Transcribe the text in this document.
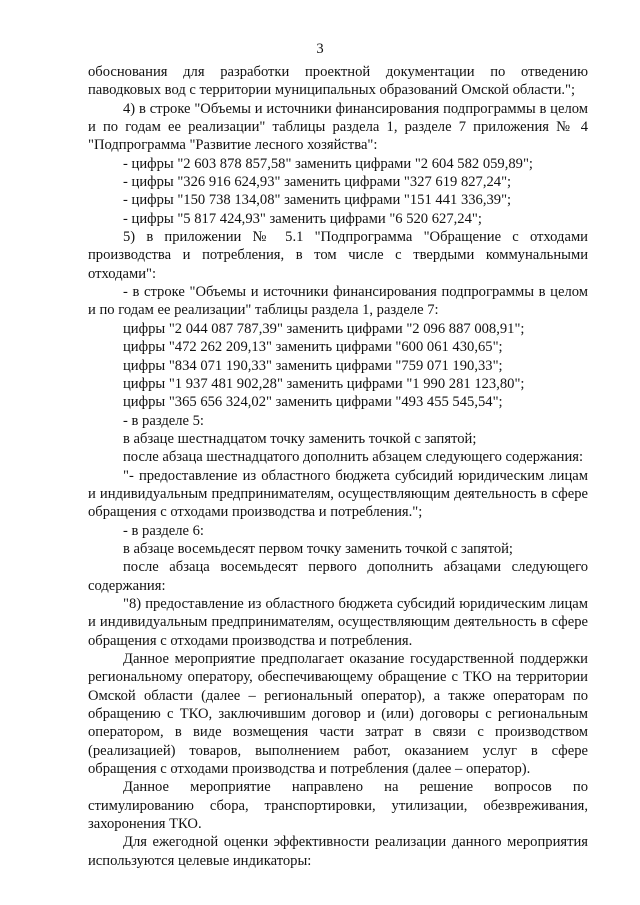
3

обоснования для разработки проектной документации по отведению паводковых вод с территории муниципальных образований Омской области.";

4) в строке "Объемы и источники финансирования подпрограммы в целом и по годам ее реализации" таблицы раздела 1, разделе 7 приложения № 4 "Подпрограмма "Развитие лесного хозяйства":

- цифры "2 603 878 857,58" заменить цифрами "2 604 582 059,89";

- цифры "326 916 624,93" заменить цифрами "327 619 827,24";

- цифры "150 738 134,08" заменить цифрами "151 441 336,39";

- цифры "5 817 424,93" заменить цифрами "6 520 627,24";

5) в приложении № 5.1 "Подпрограмма "Обращение с отходами производства и потребления, в том числе с твердыми коммунальными отходами":

- в строке "Объемы и источники финансирования подпрограммы в целом и по годам ее реализации" таблицы раздела 1, разделе 7:

цифры "2 044 087 787,39" заменить цифрами "2 096 887 008,91";

цифры "472 262 209,13" заменить цифрами "600 061 430,65";

цифры "834 071 190,33" заменить цифрами "759 071 190,33";

цифры "1 937 481 902,28" заменить цифрами "1 990 281 123,80";

цифры "365 656 324,02" заменить цифрами "493 455 545,54";

- в разделе 5:

в абзаце шестнадцатом точку заменить точкой с запятой;

после абзаца шестнадцатого дополнить абзацем следующего содержания:

"- предоставление из областного бюджета субсидий юридическим лицам и индивидуальным предпринимателям, осуществляющим деятельность в сфере обращения с отходами производства и потребления.";

- в разделе 6:

в абзаце восемьдесят первом точку заменить точкой с запятой;

после абзаца восемьдесят первого дополнить абзацами следующего содержания:

"8) предоставление из областного бюджета субсидий юридическим лицам и индивидуальным предпринимателям, осуществляющим деятельность в сфере обращения с отходами производства и потребления.

Данное мероприятие предполагает оказание государственной поддержки региональному оператору, обеспечивающему обращение с ТКО на территории Омской области (далее – региональный оператор), а также операторам по обращению с ТКО, заключившим договор и (или) договоры с региональным оператором, в виде возмещения части затрат в связи с производством (реализацией) товаров, выполнением работ, оказанием услуг в сфере обращения с отходами производства и потребления (далее – оператор).

Данное мероприятие направлено на решение вопросов по стимулированию сбора, транспортировки, утилизации, обезвреживания, захоронения ТКО.

Для ежегодной оценки эффективности реализации данного мероприятия используются целевые индикаторы:
